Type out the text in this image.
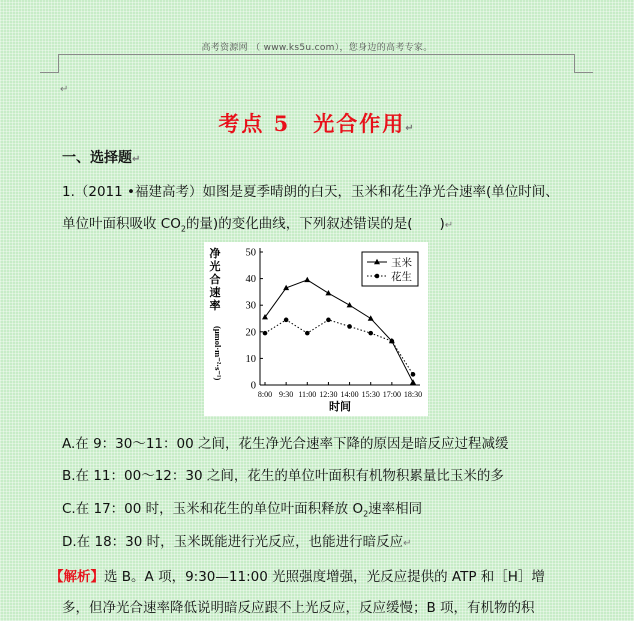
高考资源网 （ www.ks5u.com），您身边的高考专家。
↵
考点 5　光合作用↵
一、选择题↵
1.（2011 •福建高考）如图是夏季晴朗的白天，玉米和花生净光合速率(单位时间、
单位叶面积吸收 $CO_2$的量)的变化曲线，下列叙述错误的是(　　)↵
净
光
合
速
率
(μmol·m⁻²·s⁻¹)
0
10
20
30
40
50
8:00 9:30 11:00 12:30 14:00 15:30 17:00 18:30
时间
玉米
花生
A.在 9：30～11：00 之间，花生净光合速率下降的原因是暗反应过程减缓
B.在 11：00～12：30 之间，花生的单位叶面积有机物积累量比玉米的多
C.在 17：00 时，玉米和花生的单位叶面积释放 $O_2$速率相同
D.在 18：30 时，玉米既能进行光反应，也能进行暗反应↵
【解析】选 B。A 项，9:30—11:00 光照强度增强，光反应提供的 ATP 和［H］增
多，但净光合速率降低说明暗反应跟不上光反应，反应缓慢；B 项，有机物的积
